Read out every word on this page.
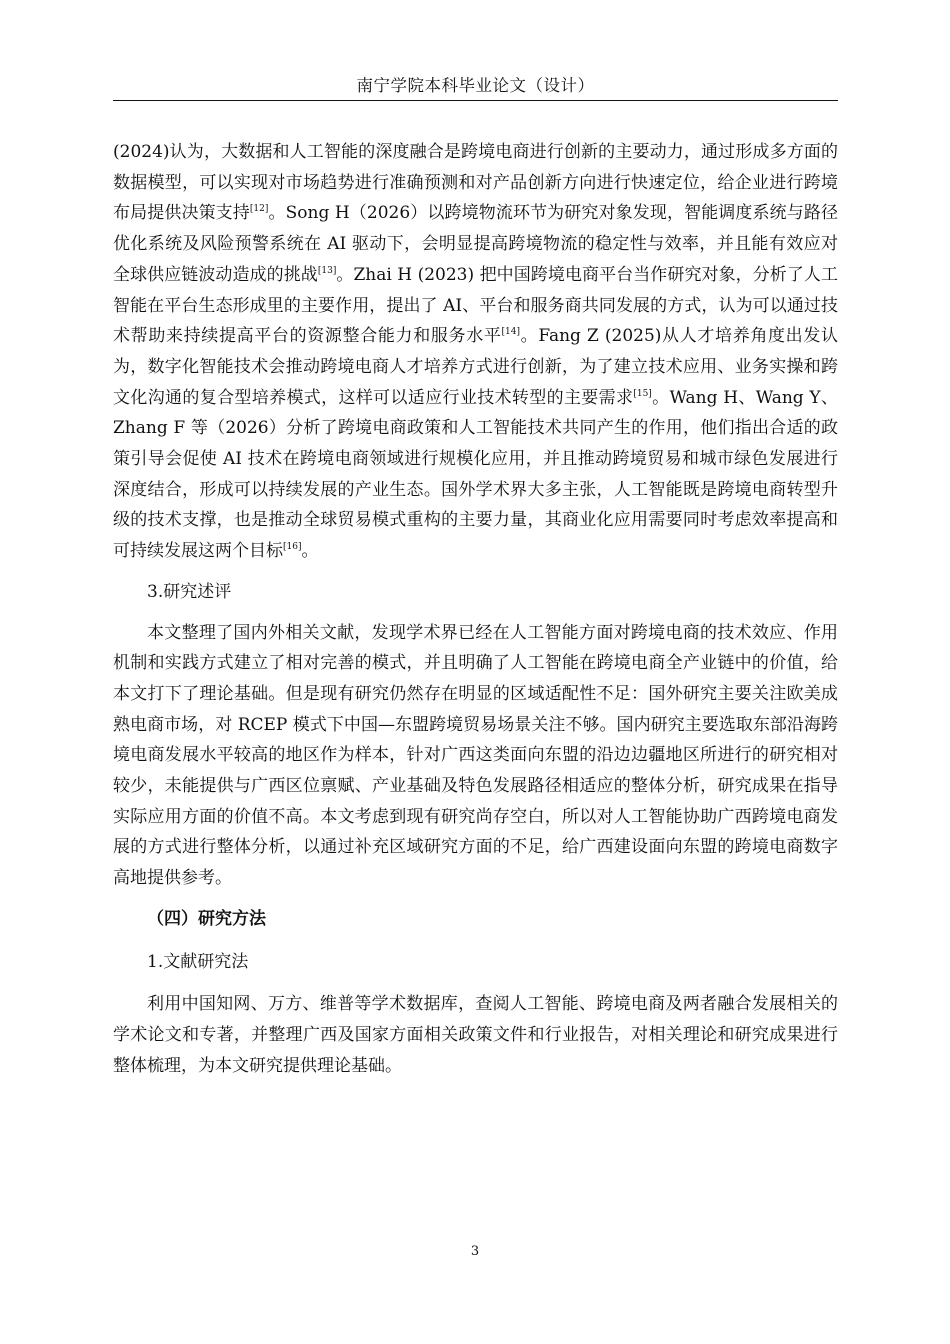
南宁学院本科毕业论文（设计）

(2024)认为，大数据和人工智能的深度融合是跨境电商进行创新的主要动力，通过形成多方面的数据模型，可以实现对市场趋势进行准确预测和对产品创新方向进行快速定位，给企业进行跨境布局提供决策支持[12]。Song H（2026）以跨境物流环节为研究对象发现，智能调度系统与路径优化系统及风险预警系统在 AI 驱动下，会明显提高跨境物流的稳定性与效率，并且能有效应对全球供应链波动造成的挑战[13]。Zhai H (2023) 把中国跨境电商平台当作研究对象，分析了人工智能在平台生态形成里的主要作用，提出了 AI、平台和服务商共同发展的方式，认为可以通过技术帮助来持续提高平台的资源整合能力和服务水平[14]。Fang Z (2025)从人才培养角度出发认为，数字化智能技术会推动跨境电商人才培养方式进行创新，为了建立技术应用、业务实操和跨文化沟通的复合型培养模式，这样可以适应行业技术转型的主要需求[15]。Wang H、Wang Y、Zhang F 等（2026）分析了跨境电商政策和人工智能技术共同产生的作用，他们指出合适的政策引导会促使 AI 技术在跨境电商领域进行规模化应用，并且推动跨境贸易和城市绿色发展进行深度结合，形成可以持续发展的产业生态。国外学术界大多主张，人工智能既是跨境电商转型升级的技术支撑，也是推动全球贸易模式重构的主要力量，其商业化应用需要同时考虑效率提高和可持续发展这两个目标[16]。

3.研究述评

本文整理了国内外相关文献，发现学术界已经在人工智能方面对跨境电商的技术效应、作用机制和实践方式建立了相对完善的模式，并且明确了人工智能在跨境电商全产业链中的价值，给本文打下了理论基础。但是现有研究仍然存在明显的区域适配性不足：国外研究主要关注欧美成熟电商市场，对 RCEP 模式下中国—东盟跨境贸易场景关注不够。国内研究主要选取东部沿海跨境电商发展水平较高的地区作为样本，针对广西这类面向东盟的沿边边疆地区所进行的研究相对较少，未能提供与广西区位禀赋、产业基础及特色发展路径相适应的整体分析，研究成果在指导实际应用方面的价值不高。本文考虑到现有研究尚存空白，所以对人工智能协助广西跨境电商发展的方式进行整体分析，以通过补充区域研究方面的不足，给广西建设面向东盟的跨境电商数字高地提供参考。

（四）研究方法

1.文献研究法

利用中国知网、万方、维普等学术数据库，查阅人工智能、跨境电商及两者融合发展相关的学术论文和专著，并整理广西及国家方面相关政策文件和行业报告，对相关理论和研究成果进行整体梳理，为本文研究提供理论基础。

3
